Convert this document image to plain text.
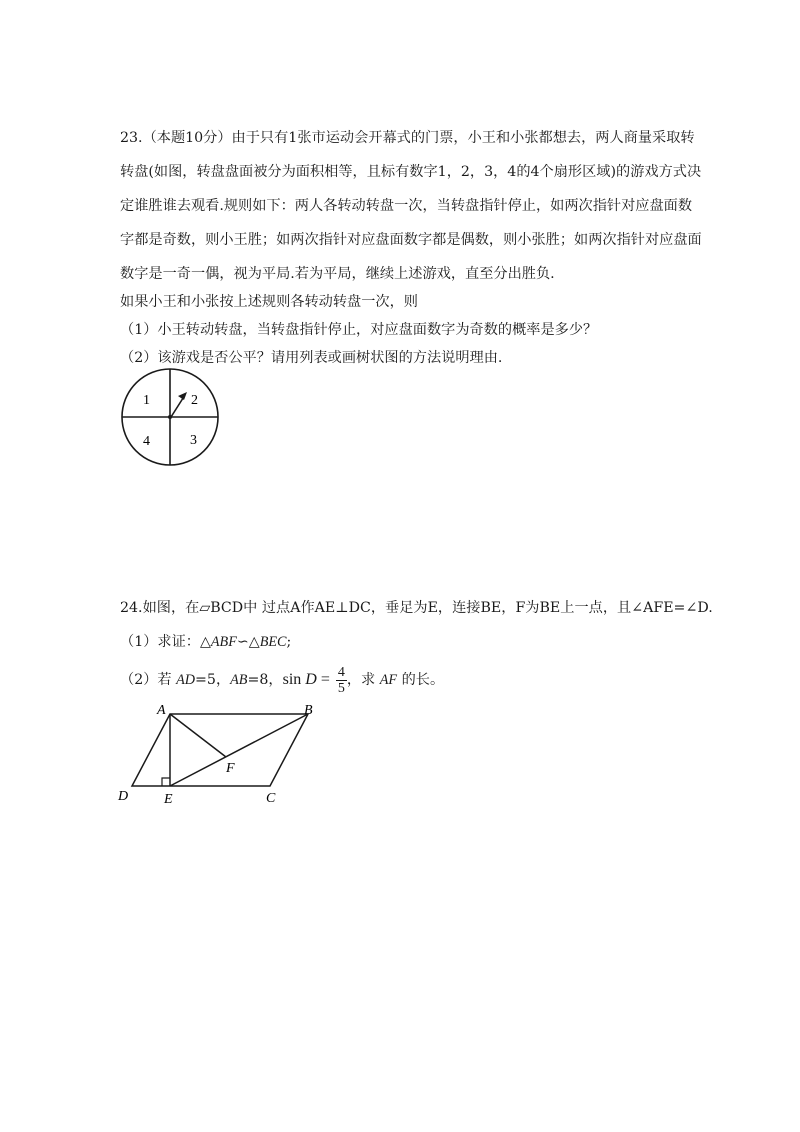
23.（本题10分）由于只有1张市运动会开幕式的门票，小王和小张都想去，两人商量采取转
转盘(如图，转盘盘面被分为面积相等，且标有数字1，2，3，4的4个扇形区域)的游戏方式决
定谁胜谁去观看.规则如下：两人各转动转盘一次，当转盘指针停止，如两次指针对应盘面数
字都是奇数，则小王胜；如两次指针对应盘面数字都是偶数，则小张胜；如两次指针对应盘面
数字是一奇一偶，视为平局.若为平局，继续上述游戏，直至分出胜负.
如果小王和小张按上述规则各转动转盘一次，则
（1）小王转动转盘，当转盘指针停止，对应盘面数字为奇数的概率是多少？
（2）该游戏是否公平？请用列表或画树状图的方法说明理由.
1	2
4	3
24.如图，在▱BCD中 过点A作AE⊥DC，垂足为E，连接BE，F为BE上一点，且∠AFE=∠D.
（1）求证：△ABF∽△BEC;
（2）若 AD=5，AB=8，$\sin D = \frac{4}{5}$ ，求 AF 的长。
A	B
C
D	E
F
